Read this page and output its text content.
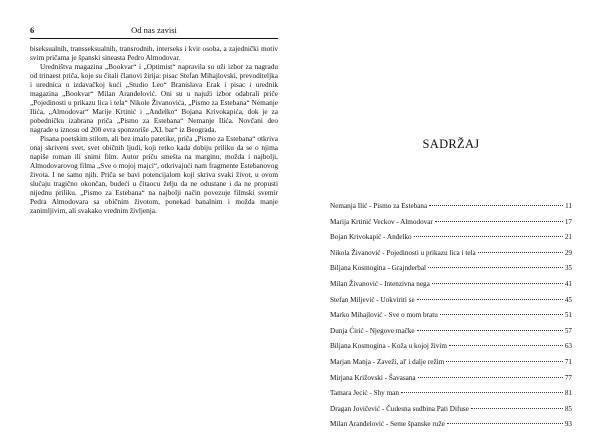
6	Od nas zavisi

biseksualnih, transseksualnih, transrodnih, interseks i kvir osoba, a zajednički motiv svim pričama je španski sineasta Pedro Almodovar.

Uredništva magazina „Bookvar“ i „Optimist“ napravila su uži izbor za nagradu od trinaest priča, koje su čitali članovi žirija: pisac Stefan Mihajlovski, prevoditeljka i urednica u izdavačkoj kući „Studio Leo“ Branislava Erak i pisac i urednik magazina „Bookvar“ Milan Aranđelović. Oni su u najuži izbor odabrali priče „Pojedinosti u prikazu lica i tela“ Nikole Živanovića, „Pismo za Estebana“ Nemanje Ilića, „Almodovar“ Marije Krtinić i „Anđelko“ Bojana Krivokapića, dok je za pobedničku izabrana priča „Pismo za Estebana“ Nemanje Ilića. Novčani deo nagrade u iznosu od 200 evra sponzoriše „XL bar“ iz Beograda.

Pisana poetskim stilom, ali bez imalo patetike, priča „Pismo za Estebana“ otkriva onaj skriveni svet, svet običnih ljudi, koji retko kada dobiju priliku da se o njima napiše roman ili snimi film. Autor priču smešta na marginu, možda i najbolji, Almodovarovog filma „Sve o mojoj majci“, otkrivajući nam fragmente Estebanovog života. I ne samo njih. Priča se bavi potencijalom koji skriva svaki život, u ovom slučaju tragično okončan, budeći u čitaocu želju da ne odustane i da ne propusti nijednu priliku. „Pismo za Estebana“ na najbolji način povezuje filmski svemir Pedra Almodovara sa običnim životom, ponekad banalnim i možda manje zanimljivim, ali svakako vrednim življenja.

SADRŽAJ
Nemanja Ilić - Pismo za Estebana	11
Marija Krtinić Veckov - Almodovar	17
Bojan Krivokapić - Anđelko	21
Nikola Živanović - Pojedinosti u prikazu lica i tela	29
Biljana Kosmogina - Grajnderbal	35
Milan Živanović - Intenzivna nega	41
Stefan Miljević - Uokviriti se	45
Marko Mihajlović - Sve o mom bratu	51
Dunja Ćirić - Njegove mačke	57
Biljana Kosmogina - Koža u kojoj živim	63
Marjan Manja - Zaveži, al' i dalje režim	71
Mirjana Križovski - Šavasana	77
Tamara Jecić - Shy man	81
Dragan Jovičević - Čudesna sudbina Pati Difuse	85
Milan Aranđelović - Seme španske ruže	93
